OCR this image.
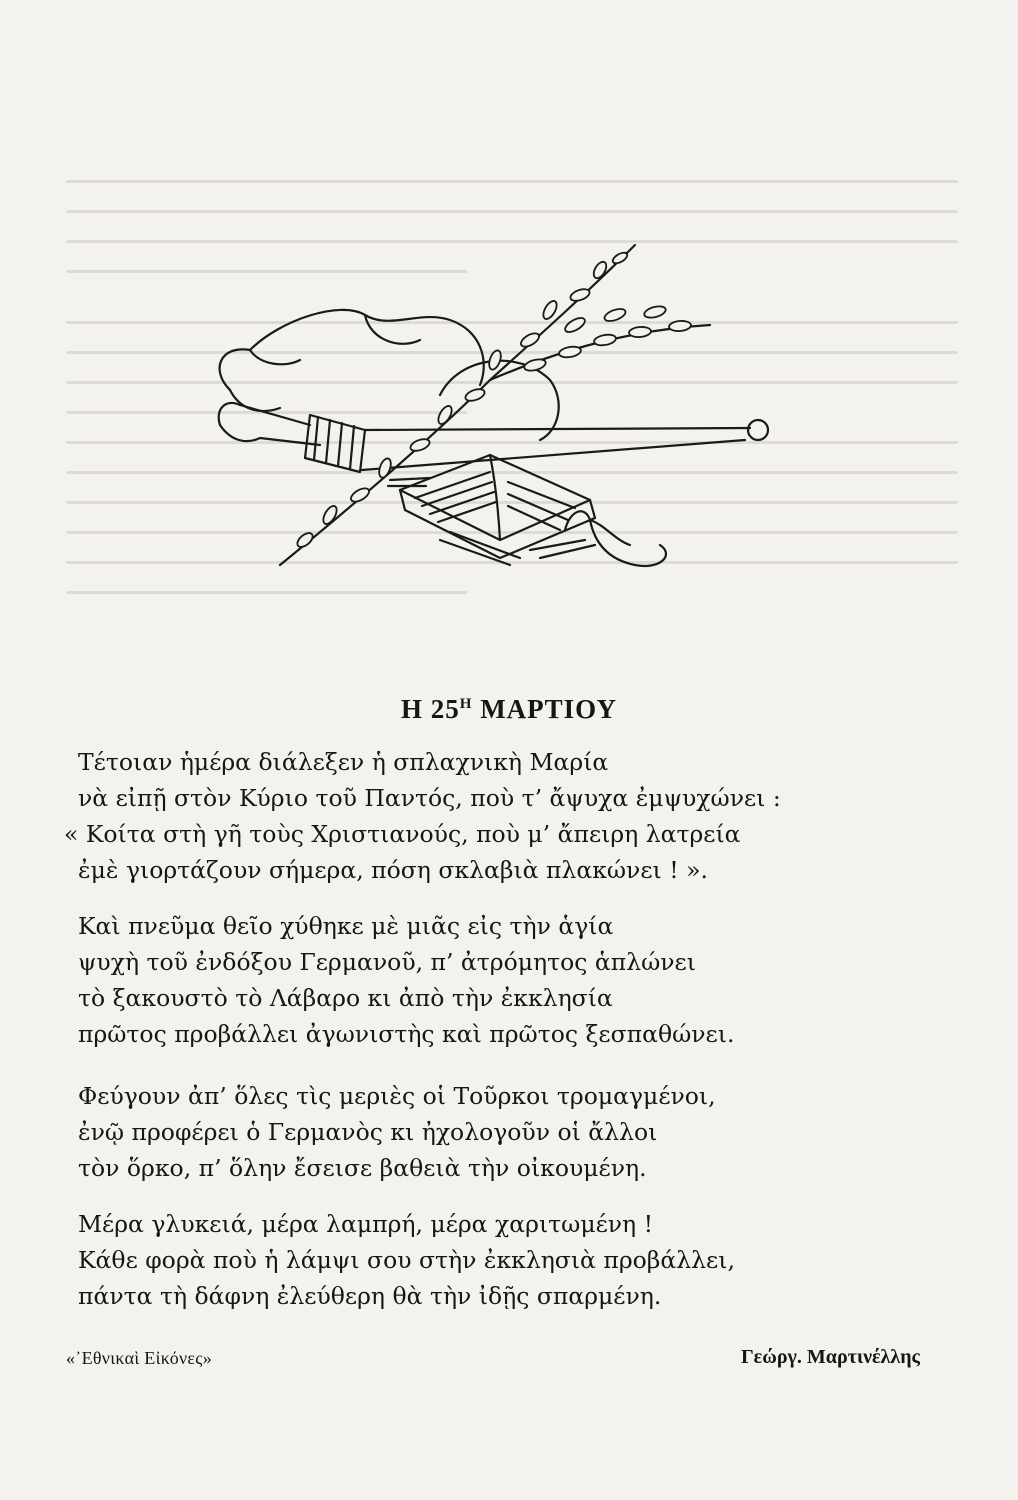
Η $25^H$ ΜΑΡΤΙΟΥ
Τέτοιαν ἡμέρα διάλεξεν ἡ σπλαχνικὴ Μαρία
νὰ εἰπῇ στὸν Κύριο τοῦ Παντός, ποὺ τ’ ἄψυχα ἐμψυχώνει :
« Κοίτα στὴ γῆ τοὺς Χριστιανούς, ποὺ μ’ ἄπειρη λατρεία
ἐμὲ γιορτάζουν σήμερα, πόση σκλαβιὰ πλακώνει ! ».
Καὶ πνεῦμα θεῖο χύθηκε μὲ μιᾶς εἰς τὴν ἁγία
ψυχὴ τοῦ ἐνδόξου Γερμανοῦ, π’ ἀτρόμητος ἁπλώνει
τὸ ξακουστὸ τὸ Λάβαρο κι ἀπὸ τὴν ἐκκλησία
πρῶτος προβάλλει ἀγωνιστὴς καὶ πρῶτος ξεσπαθώνει.
Φεύγουν ἀπ’ ὅλες τὶς μεριὲς οἱ Τοῦρκοι τρομαγμένοι,
ἐνῷ προφέρει ὁ Γερμανὸς κι ἠχολογοῦν οἱ ἄλλοι
τὸν ὅρκο, π’ ὅλην ἔσεισε βαθειὰ τὴν οἰκουμένη.
Μέρα γλυκειά, μέρα λαμπρή, μέρα χαριτωμένη !
Κάθε φορὰ ποὺ ἡ λάμψι σου στὴν ἐκκλησιὰ προβάλλει,
πάντα τὴ δάφνη ἐλεύθερη θὰ τὴν ἰδῇς σπαρμένη.
«᾿Εθνικαὶ Εἰκόνες»	Γεώργ. Μαρτινέλλης
